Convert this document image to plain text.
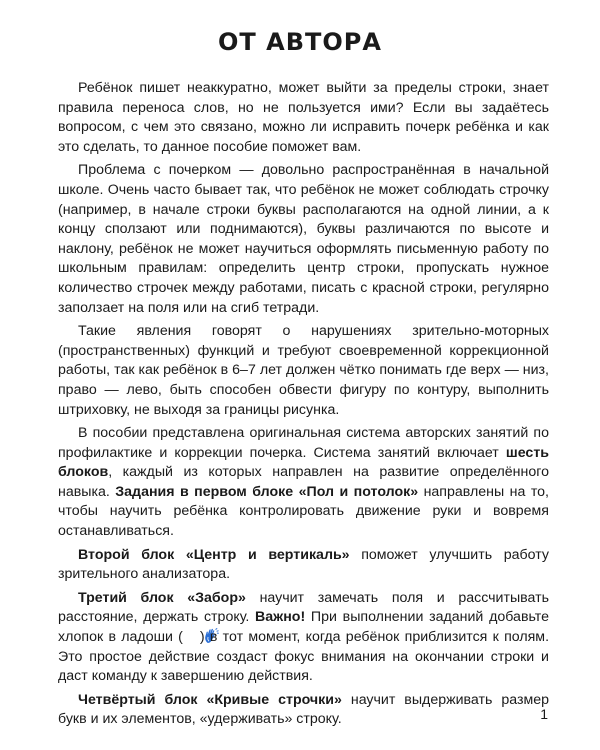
ОТ АВТОРА

Ребёнок пишет неаккуратно, может выйти за пределы строки, знает правила переноса слов, но не пользуется ими? Если вы задаётесь вопросом, с чем это связано, можно ли исправить почерк ребёнка и как это сделать, то данное пособие поможет вам.

Проблема с почерком — довольно распространённая в начальной школе. Очень часто бывает так, что ребёнок не может соблюдать строчку (например, в начале строки буквы располагаются на одной линии, а к концу сползают или поднимаются), буквы различаются по высоте и наклону, ребёнок не может научиться оформлять письменную работу по школьным правилам: определить центр строки, пропускать нужное количество строчек между работами, писать с красной строки, регулярно заползает на поля или на сгиб тетради.

Такие явления говорят о нарушениях зрительно-моторных (пространственных) функций и требуют своевременной коррекционной работы, так как ребёнок в 6–7 лет должен чётко понимать где верх — низ, право — лево, быть способен обвести фигуру по контуру, выполнить штриховку, не выходя за границы рисунка.

В пособии представлена оригинальная система авторских занятий по профилактике и коррекции почерка. Система занятий включает шесть блоков, каждый из которых направлен на развитие определённого навыка. Задания в первом блоке «Пол и потолок» направлены на то, чтобы научить ребёнка контролировать движение руки и вовремя останавливаться.

Второй блок «Центр и вертикаль» поможет улучшить работу зрительного анализатора.

Третий блок «Забор» научит замечать поля и рассчитывать расстояние, держать строку. Важно! При выполнении заданий добавьте хлопок в ладоши ( ) в тот момент, когда ребёнок приблизится к полям. Это простое действие создаст фокус внимания на окончании строки и даст команду к завершению действия.

Четвёртый блок «Кривые строчки» научит выдерживать размер букв и их элементов, «удерживать» строку.	1
